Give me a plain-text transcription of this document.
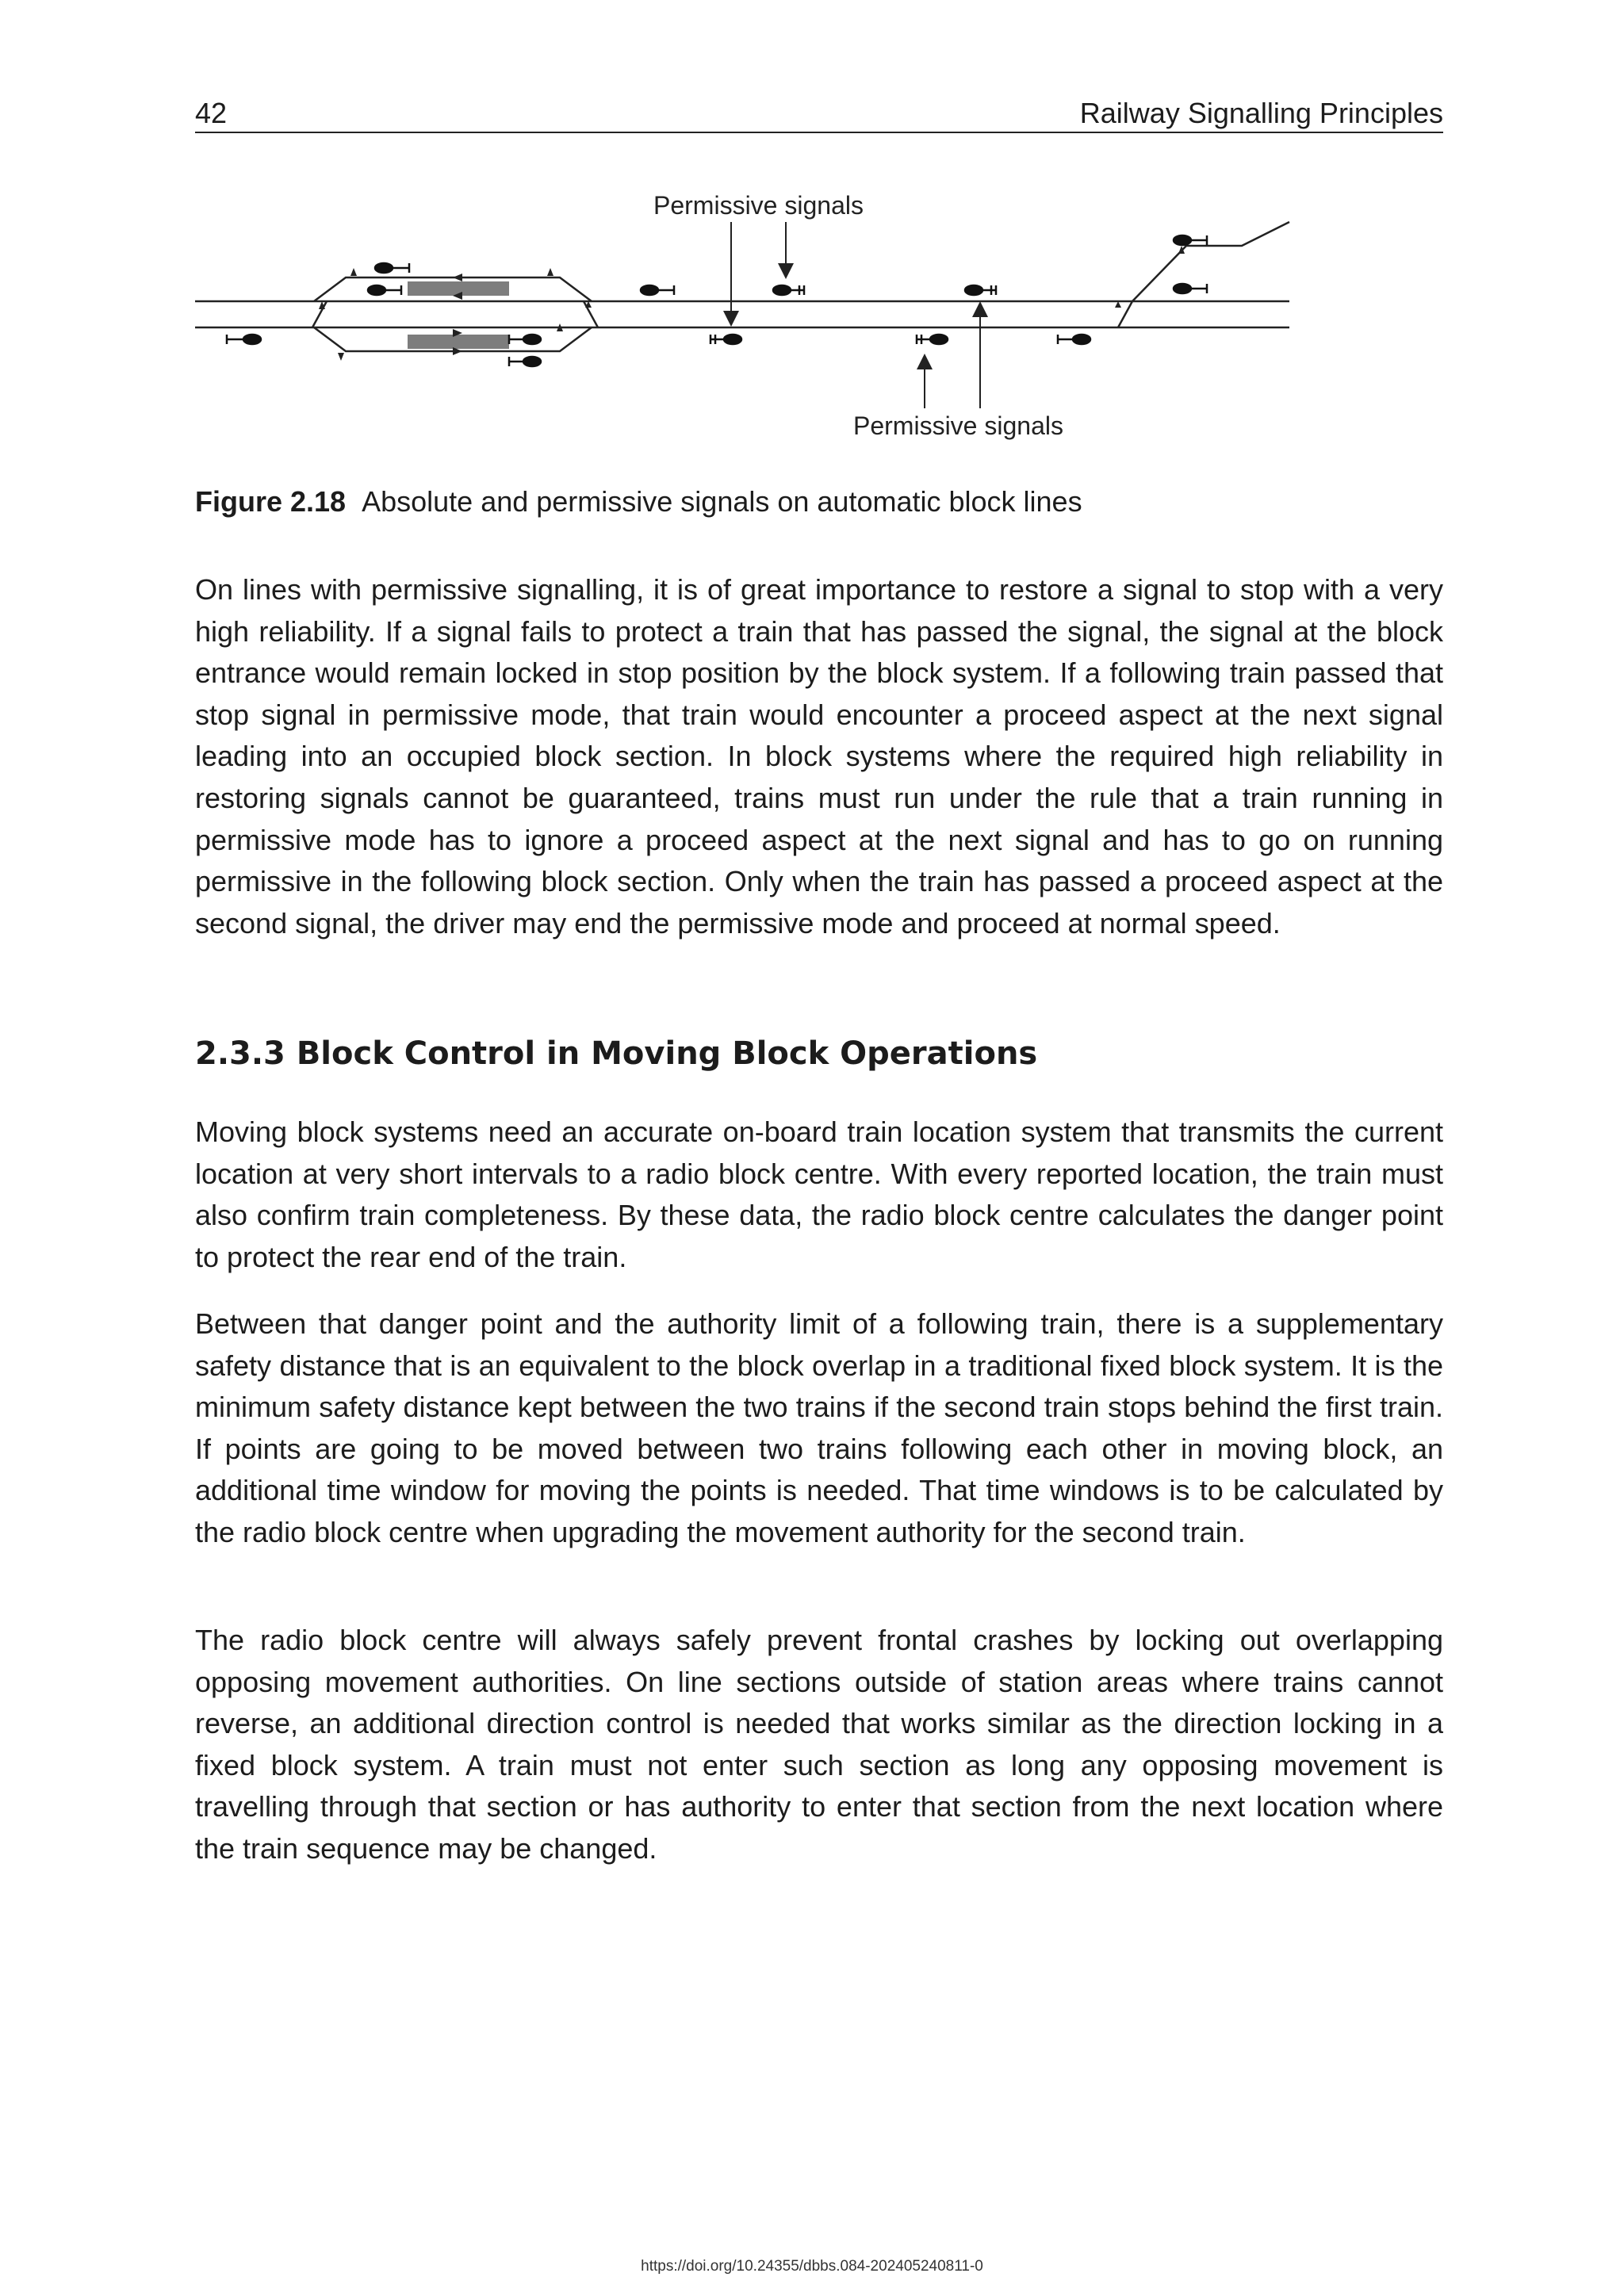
42	Railway Signalling Principles
Permissive signals
Permissive signals
Figure 2.18 Absolute and permissive signals on automatic block lines

On lines with permissive signalling, it is of great importance to restore a signal to stop with a very high reliability. If a signal fails to protect a train that has passed the signal, the signal at the block entrance would remain locked in stop position by the block system. If a following train passed that stop signal in permissive mode, that train would encounter a proceed aspect at the next signal leading into an occupied block section. In block systems where the required high reliability in restoring signals cannot be guaranteed, trains must run under the rule that a train running in permissive mode has to ignore a proceed aspect at the next signal and has to go on running permissive in the following block section. Only when the train has passed a proceed aspect at the second signal, the driver may end the permissive mode and proceed at normal speed.

2.3.3 Block Control in Moving Block Operations

Moving block systems need an accurate on-board train location system that transmits the current location at very short intervals to a radio block centre. With every reported location, the train must also confirm train completeness. By these data, the radio block centre calculates the danger point to protect the rear end of the train.

Between that danger point and the authority limit of a following train, there is a supplementary safety distance that is an equivalent to the block overlap in a traditional fixed block system. It is the minimum safety distance kept between the two trains if the second train stops behind the first train. If points are going to be moved between two trains following each other in moving block, an additional time window for moving the points is needed. That time windows is to be calculated by the radio block centre when upgrading the movement authority for the second train.

The radio block centre will always safely prevent frontal crashes by locking out overlapping opposing movement authorities. On line sections outside of station areas where trains cannot reverse, an additional direction control is needed that works similar as the direction locking in a fixed block system. A train must not enter such section as long any opposing movement is travelling through that section or has authority to enter that section from the next location where the train sequence may be changed.

https://doi.org/10.24355/dbbs.084-202405240811-0
